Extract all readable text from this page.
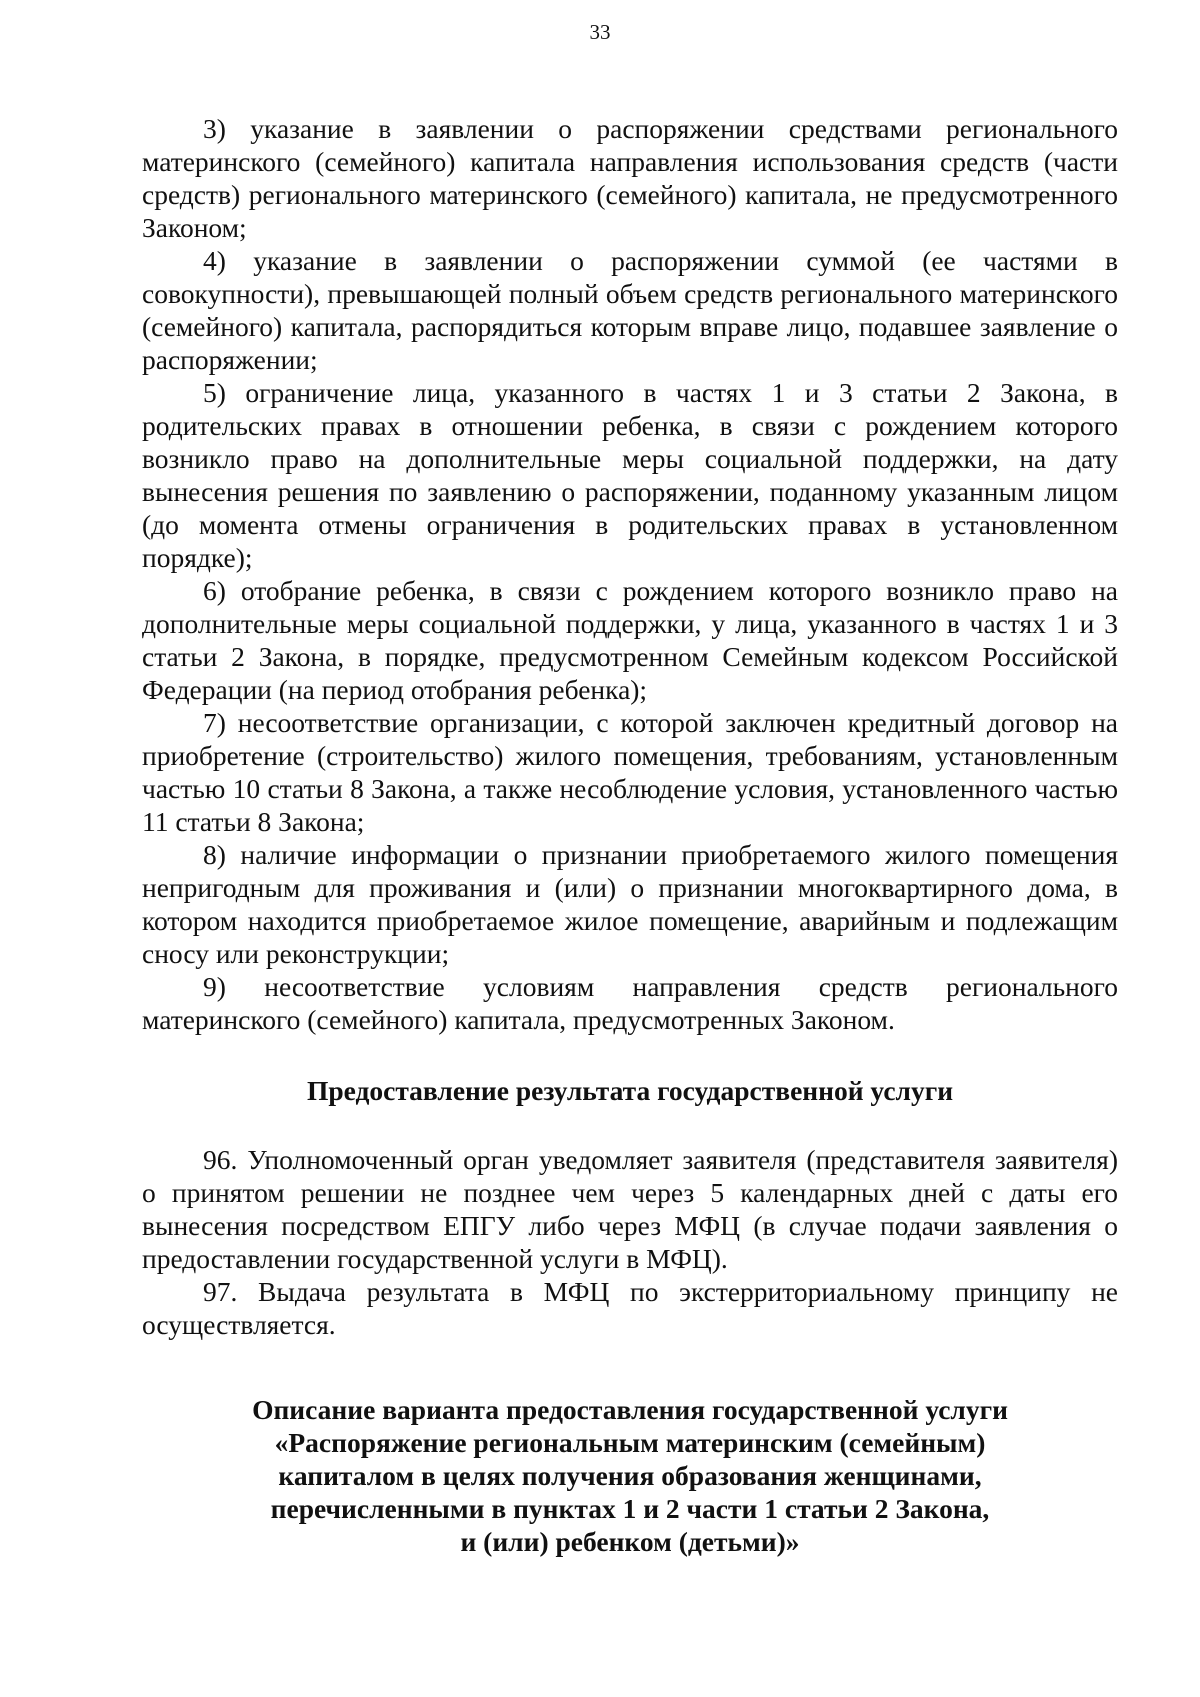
33

3) указание в заявлении о распоряжении средствами регионального материнского (семейного) капитала направления использования средств (части средств) регионального материнского (семейного) капитала, не предусмотренного Законом;

4) указание в заявлении о распоряжении суммой (ее частями в совокупности), превышающей полный объем средств регионального материнского (семейного) капитала, распорядиться которым вправе лицо, подавшее заявление о распоряжении;

5) ограничение лица, указанного в частях 1 и 3 статьи 2 Закона, в родительских правах в отношении ребенка, в связи с рождением которого возникло право на дополнительные меры социальной поддержки, на дату вынесения решения по заявлению о распоряжении, поданному указанным лицом (до момента отмены ограничения в родительских правах в установленном порядке);

6) отобрание ребенка, в связи с рождением которого возникло право на дополнительные меры социальной поддержки, у лица, указанного в частях 1 и 3 статьи 2 Закона, в порядке, предусмотренном Семейным кодексом Российской Федерации (на период отобрания ребенка);

7) несоответствие организации, с которой заключен кредитный договор на приобретение (строительство) жилого помещения, требованиям, установленным частью 10 статьи 8 Закона, а также несоблюдение условия, установленного частью 11 статьи 8 Закона;

8) наличие информации о признании приобретаемого жилого помещения непригодным для проживания и (или) о признании многоквартирного дома, в котором находится приобретаемое жилое помещение, аварийным и подлежащим сносу или реконструкции;

9) несоответствие условиям направления средств регионального материнского (семейного) капитала, предусмотренных Законом.

Предоставление результата государственной услуги

96. Уполномоченный орган уведомляет заявителя (представителя заявителя) о принятом решении не позднее чем через 5 календарных дней с даты его вынесения посредством ЕПГУ либо через МФЦ (в случае подачи заявления о предоставлении государственной услуги в МФЦ).

97. Выдача результата в МФЦ по экстерриториальному принципу не осуществляется.

Описание варианта предоставления государственной услуги
«Распоряжение региональным материнским (семейным)
капиталом в целях получения образования женщинами,
перечисленными в пунктах 1 и 2 части 1 статьи 2 Закона,
и (или) ребенком (детьми)»
